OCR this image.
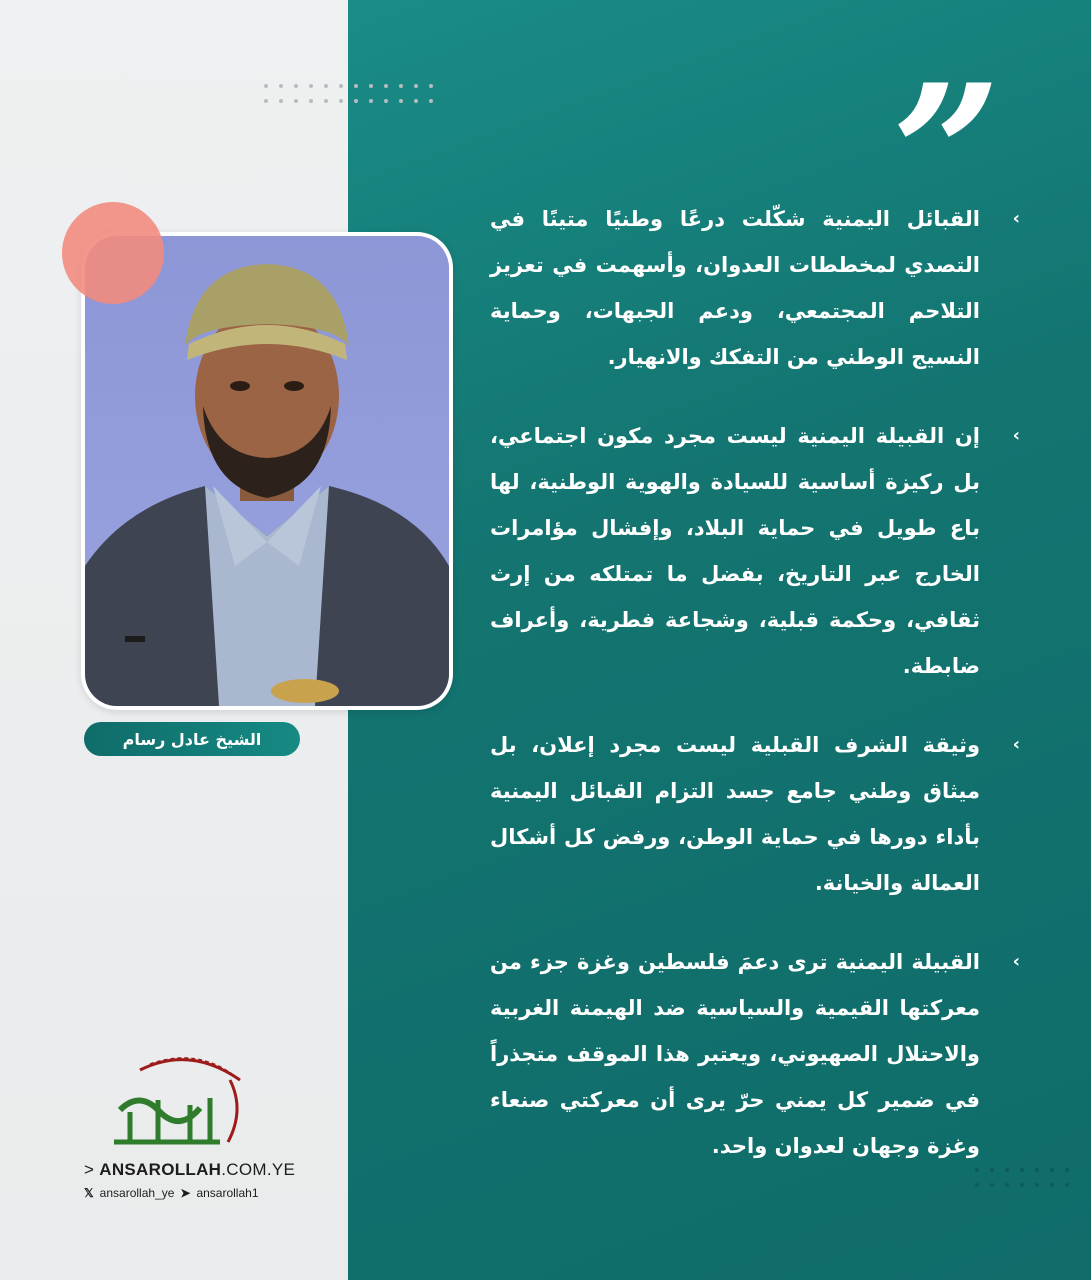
”
الشيخ عادل رسام
›
القبائل اليمنية شكّلت درعًا وطنيًا متينًا في التصدي لمخططات العدوان، وأسهمت في تعزيز التلاحم المجتمعي، ودعم الجبهات، وحماية النسيج الوطني من التفكك والانهيار.
›
إن القبيلة اليمنية ليست مجرد مكون اجتماعي، بل ركيزة أساسية للسيادة والهوية الوطنية، لها باع طويل في حماية البلاد، وإفشال مؤامرات الخارج عبر التاريخ، بفضل ما تمتلكه من إرث ثقافي، وحكمة قبلية، وشجاعة فطرية، وأعراف ضابطة.
›
وثيقة الشرف القبلية ليست مجرد إعلان، بل ميثاق وطني جامع جسد التزام القبائل اليمنية بأداء دورها في حماية الوطن، ورفض كل أشكال العمالة والخيانة.
›
القبيلة اليمنية ترى دعمَ فلسطين وغزة جزء من معركتها القيمية والسياسية ضد الهيمنة الغربية والاحتلال الصهيوني، ويعتبر هذا الموقف متجذراً في ضمير كل يمني حرّ يرى أن معركتي صنعاء وغزة وجهان لعدوان واحد.
> ANSAROLLAH.COM.YE
𝕏 ansarollah_ye ➤ ansarollah1
